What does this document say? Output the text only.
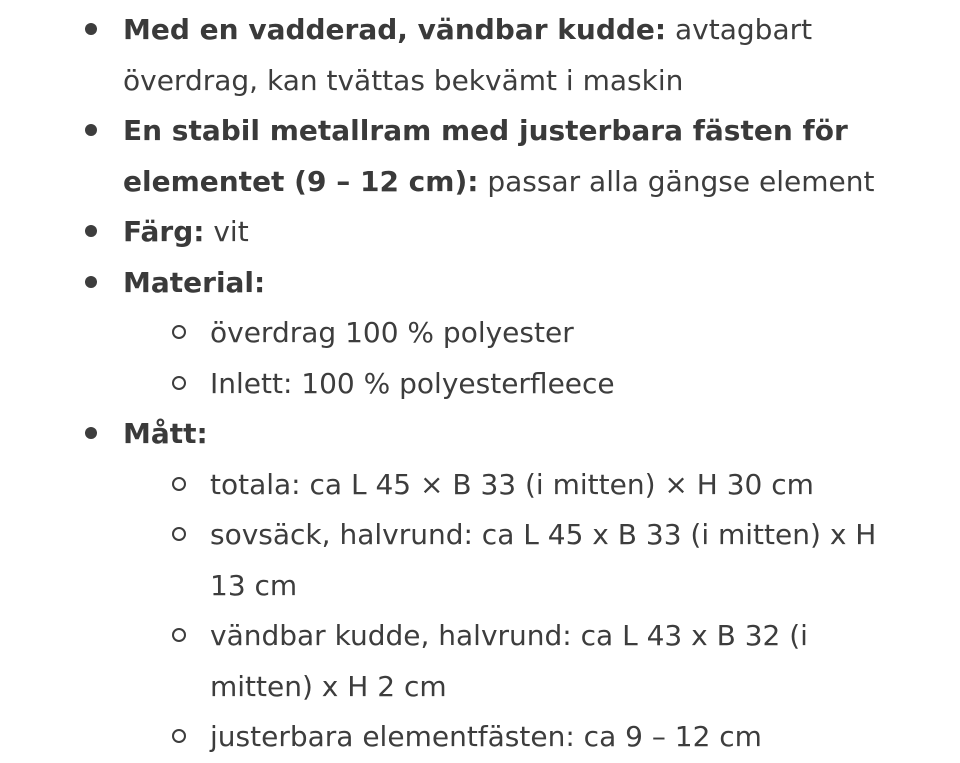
Med en vadderad, vändbar kudde: avtagbart överdrag, kan tvättas bekvämt i maskin
En stabil metallram med justerbara fästen för elementet (9 – 12 cm): passar alla gängse element
Färg: vit
Material:
överdrag 100 % polyester
Inlett: 100 % polyesterfleece
Mått:
totala: ca L 45 × B 33 (i mitten) × H 30 cm
sovsäck, halvrund: ca L 45 x B 33 (i mitten) x H 13 cm
vändbar kudde, halvrund: ca L 43 x B 32 (i mitten) x H 2 cm
justerbara elementfästen: ca 9 – 12 cm
